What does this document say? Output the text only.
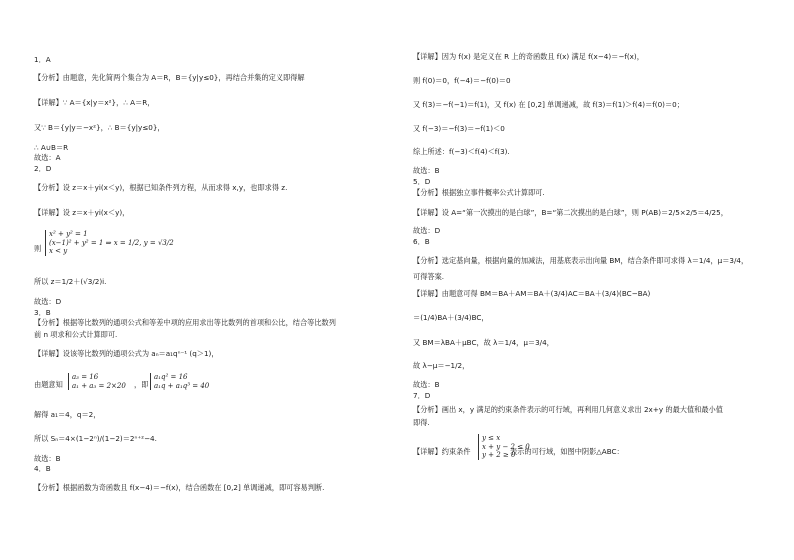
1．A
【分析】由题意，先化简两个集合为 A＝R，B＝{y|y≤0}，再结合并集的定义即得解
【详解】∵ A＝{x|y＝x²}，∴ A＝R，
又∵ B＝{y|y＝−x²}，∴ B＝{y|y≤0}，
∴ A∪B＝R
故选：A
2．D
【分析】设 z＝x＋yi(x＜y)，根据已知条件列方程，从而求得 x,y，也即求得 z.
【详解】设 z＝x＋yi(x＜y)，
则
所以 z＝1/2＋(√3/2)i.
故选：D
3．B
【分析】根据等比数列的通项公式和等差中项的应用求出等比数列的首项和公比，结合等比数列
前 n 项求和公式计算即可.
【详解】设该等比数列的通项公式为 aₙ＝a₁qⁿ⁻¹ (q＞1)，
由题意知	，即
解得 a₁＝4，q＝2，
所以 Sₙ＝4×(1−2ⁿ)/(1−2)＝2ⁿ⁺²−4.
故选：B
4．B
【分析】根据函数为奇函数且 f(x−4)＝−f(x)，结合函数在 [0,2] 单调递减，即可容易判断.
【详解】因为 f(x) 是定义在 R 上的奇函数且 f(x) 满足 f(x−4)＝−f(x)，
则 f(0)＝0，f(−4)＝−f(0)＝0
又 f(3)＝−f(−1)＝f(1)，又 f(x) 在 [0,2] 单调递减，故 f(3)＝f(1)＞f(4)＝f(0)＝0；
又 f(−3)＝−f(3)＝−f(1)＜0
综上所述：f(−3)＜f(4)＜f(3).
故选：B
5．D
【分析】根据独立事件概率公式计算即可.
【详解】设 A=“第一次摸出的是白球”，B=“第二次摸出的是白球”，则 P(AB)＝2/5×2/5＝4/25，
故选：D
6．B
【分析】选定基向量，根据向量的加减法，用基底表示出向量 BM，结合条件即可求得 λ＝1/4，μ＝3/4，
可得答案.
【详解】由题意可得 BM＝BA＋AM＝BA＋(3/4)AC＝BA＋(3/4)(BC−BA)
＝(1/4)BA＋(3/4)BC，
又 BM＝λBA＋μBC，故 λ＝1/4，μ＝3/4，
故 λ−μ＝−1/2，
故选：B
7．D
【分析】画出 x，y 满足的约束条件表示的可行域，再利用几何意义求出 2x+y 的最大值和最小值
即得.
【详解】约束条件	表示的可行域，如图中阴影△ABC：
x² + y² = 1
(x−1)² + y² = 1 ⇒ x = 1/2, y = √3/2
x < y
a₃ = 16
a₁ + a₃ = 2×20
a₁q² = 16
a₁q + a₁q³ = 40
y ≤ x
x + y − 2 ≤ 0
y + 2 ≥ 0
